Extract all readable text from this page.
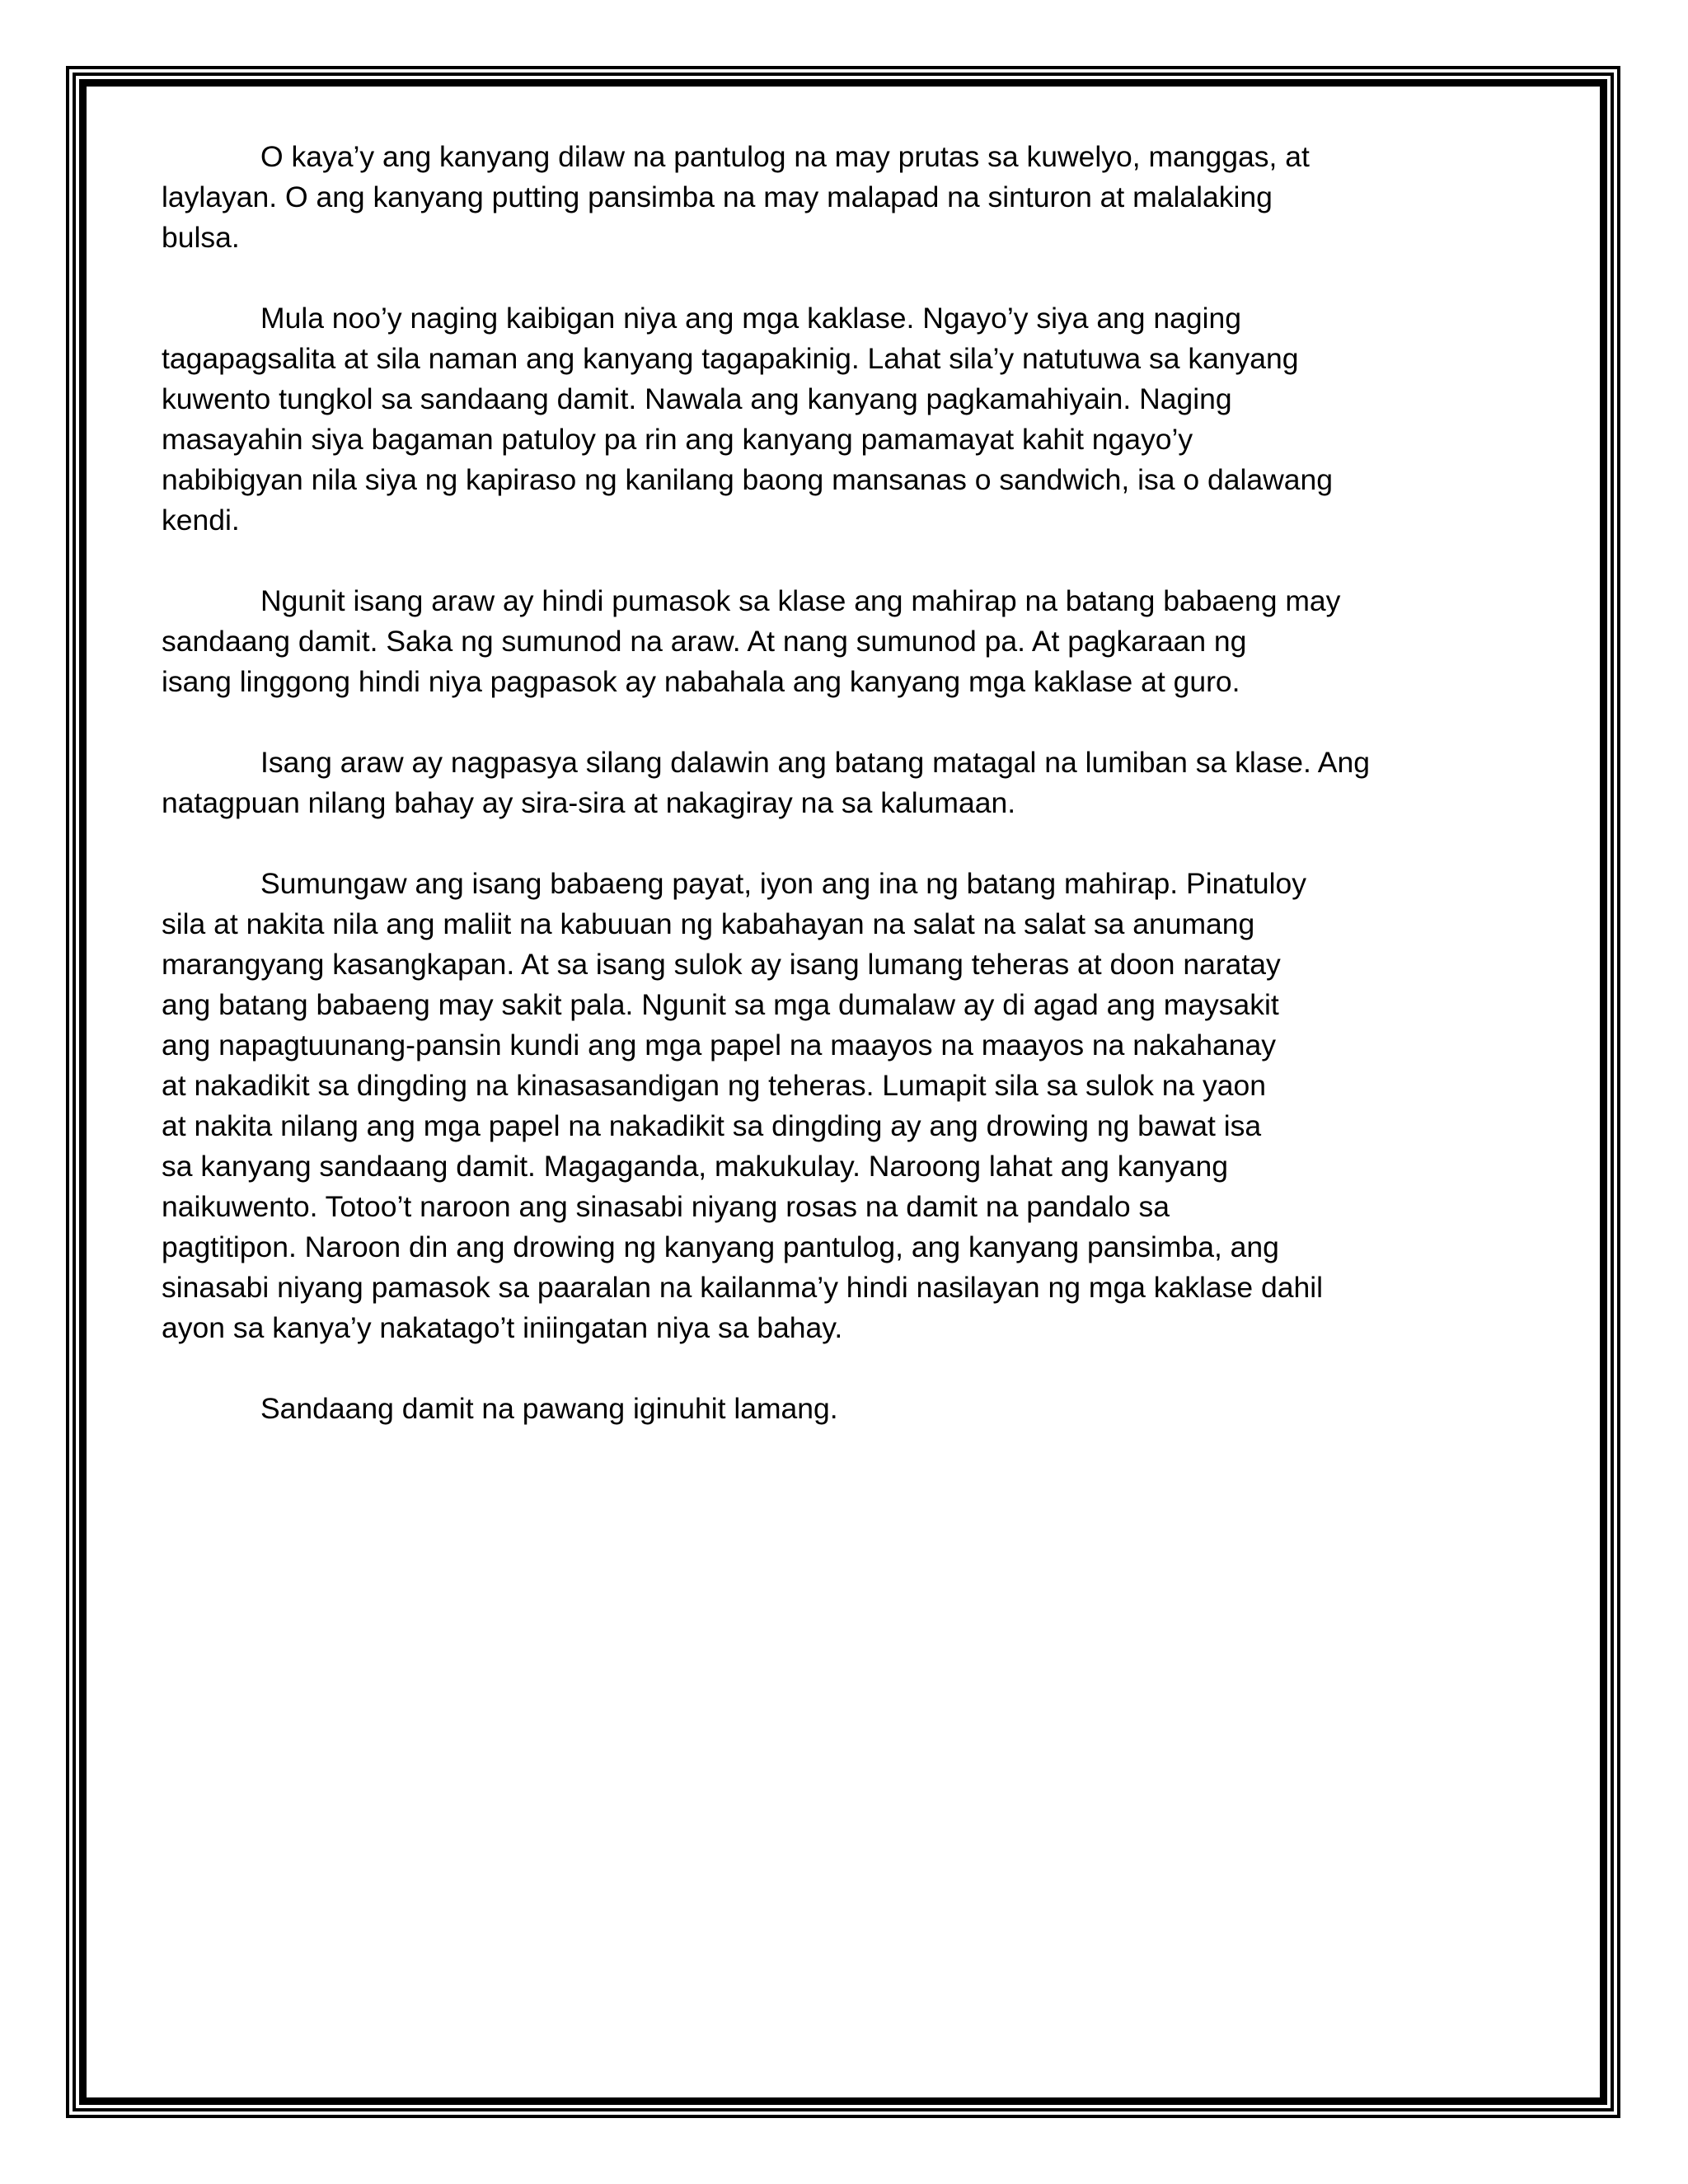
O kaya’y ang kanyang dilaw na pantulog na may prutas sa kuwelyo, manggas, at
laylayan. O ang kanyang putting pansimba na may malapad na sinturon at malalaking
bulsa.

Mula noo’y naging kaibigan niya ang mga kaklase. Ngayo’y siya ang naging
tagapagsalita at sila naman ang kanyang tagapakinig. Lahat sila’y natutuwa sa kanyang
kuwento tungkol sa sandaang damit. Nawala ang kanyang pagkamahiyain. Naging
masayahin siya bagaman patuloy pa rin ang kanyang pamamayat kahit ngayo’y
nabibigyan nila siya ng kapiraso ng kanilang baong mansanas o sandwich, isa o dalawang
kendi.

Ngunit isang araw ay hindi pumasok sa klase ang mahirap na batang babaeng may
sandaang damit. Saka ng sumunod na araw. At nang sumunod pa. At pagkaraan ng
isang linggong hindi niya pagpasok ay nabahala ang kanyang mga kaklase at guro.

Isang araw ay nagpasya silang dalawin ang batang matagal na lumiban sa klase. Ang
natagpuan nilang bahay ay sira-sira at nakagiray na sa kalumaan.

Sumungaw ang isang babaeng payat, iyon ang ina ng batang mahirap. Pinatuloy
sila at nakita nila ang maliit na kabuuan ng kabahayan na salat na salat sa anumang
marangyang kasangkapan. At sa isang sulok ay isang lumang teheras at doon naratay
ang batang babaeng may sakit pala. Ngunit sa mga dumalaw ay di agad ang maysakit
ang napagtuunang-pansin kundi ang mga papel na maayos na maayos na nakahanay
at nakadikit sa dingding na kinasasandigan ng teheras. Lumapit sila sa sulok na yaon
at nakita nilang ang mga papel na nakadikit sa dingding ay ang drowing ng bawat isa
sa kanyang sandaang damit. Magaganda, makukulay. Naroong lahat ang kanyang
naikuwento. Totoo’t naroon ang sinasabi niyang rosas na damit na pandalo sa
pagtitipon. Naroon din ang drowing ng kanyang pantulog, ang kanyang pansimba, ang
sinasabi niyang pamasok sa paaralan na kailanma’y hindi nasilayan ng mga kaklase dahil
ayon sa kanya’y nakatago’t iniingatan niya sa bahay.

Sandaang damit na pawang iginuhit lamang.
